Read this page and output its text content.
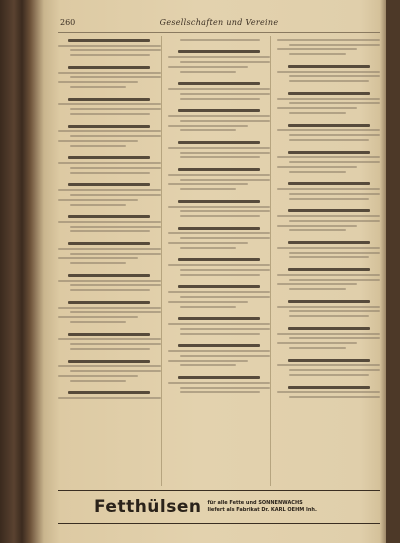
260	Gesellschaften und Vereine
Fetthülsen für alle Fette und SONNENWACHS
liefert als Fabrikat Dr. KARL OEHM Inh.
